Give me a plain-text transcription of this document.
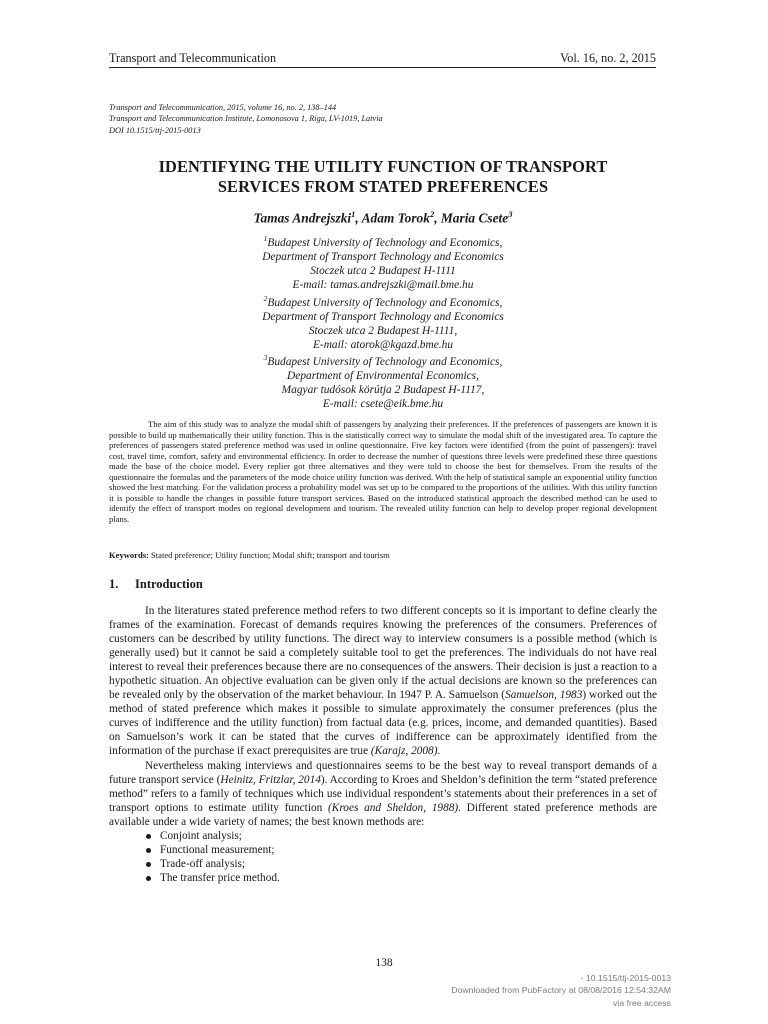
Transport and Telecommunication	Vol. 16, no. 2, 2015
Transport and Telecommunication, 2015, volume 16, no. 2, 138–144
Transport and Telecommunication Institute, Lomonosova 1, Riga, LV-1019, Latvia
DOI 10.1515/ttj-2015-0013
IDENTIFYING THE UTILITY FUNCTION OF TRANSPORT
SERVICES FROM STATED PREFERENCES
Tamas Andrejszki$^1$, Adam Torok$^2$, Maria Csete$^3$
$^1$Budapest University of Technology and Economics,
Department of Transport Technology and Economics
Stoczek utca 2 Budapest H-1111
E-mail: tamas.andrejszki@mail.bme.hu
$^2$Budapest University of Technology and Economics,
Department of Transport Technology and Economics
Stoczek utca 2 Budapest H-1111,
E-mail: atorok@kgazd.bme.hu
$^3$Budapest University of Technology and Economics,
Department of Environmental Economics,
Magyar tudósok körútja 2 Budapest H-1117,
E-mail: csete@eik.bme.hu

The aim of this study was to analyze the modal shift of passengers by analyzing their preferences. If the preferences of passengers are known it is possible to build up mathematically their utility function. This is the statistically correct way to simulate the modal shift of the investigated area. To capture the preferences of passengers stated preference method was used in online questionnaire. Five key factors were identified (from the point of passengers): travel cost, travel time, comfort, safety and environmental efficiency. In order to decrease the number of questions three levels were predefined these three questions made the base of the choice model. Every replier got three alternatives and they were told to choose the best for themselves. From the results of the questionnaire the formulas and the parameters of the mode choice utility function was derived. With the help of statistical sample an exponential utility function showed the best matching. For the validation process a probability model was set up to be compared to the proportions of the utilities. With this utility function it is possible to handle the changes in possible future transport services. Based on the introduced statistical approach the described method can be used to identify the effect of transport modes on regional development and tourism. The revealed utility function can help to develop proper regional development plans.

Keywords: Stated preference; Utility function; Modal shift; transport and tourism

1. Introduction

In the literatures stated preference method refers to two different concepts so it is important to define clearly the frames of the examination. Forecast of demands requires knowing the preferences of the consumers. Preferences of customers can be described by utility functions. The direct way to interview consumers is a possible method (which is generally used) but it cannot be said a completely suitable tool to get the preferences. The individuals do not have real interest to reveal their preferences because there are no consequences of the answers. Their decision is just a reaction to a hypothetic situation. An objective evaluation can be given only if the actual decisions are known so the preferences can be revealed only by the observation of the market behaviour. In 1947 P. A. Samuelson (Samuelson, 1983) worked out the method of stated preference which makes it possible to simulate approximately the consumer preferences (plus the curves of indifference and the utility function) from factual data (e.g. prices, income, and demanded quantities). Based on Samuelson’s work it can be stated that the curves of indifference can be approximately identified from the information of the purchase if exact prerequisites are true (Karajz, 2008).

Nevertheless making interviews and questionnaires seems to be the best way to reveal transport demands of a future transport service (Heinitz, Fritzlar, 2014). According to Kroes and Sheldon’s definition the term “stated preference method” refers to a family of techniques which use individual respondent’s statements about their preferences in a set of transport options to estimate utility function (Kroes and Sheldon, 1988). Different stated preference methods are available under a wide variety of names; the best known methods are:

Conjoint analysis;
Functional measurement;
Trade-off analysis;
The transfer price method.
138
- 10.1515/ttj-2015-0013
Downloaded from PubFactory at 08/08/2016 12:54:32AM
via free access
